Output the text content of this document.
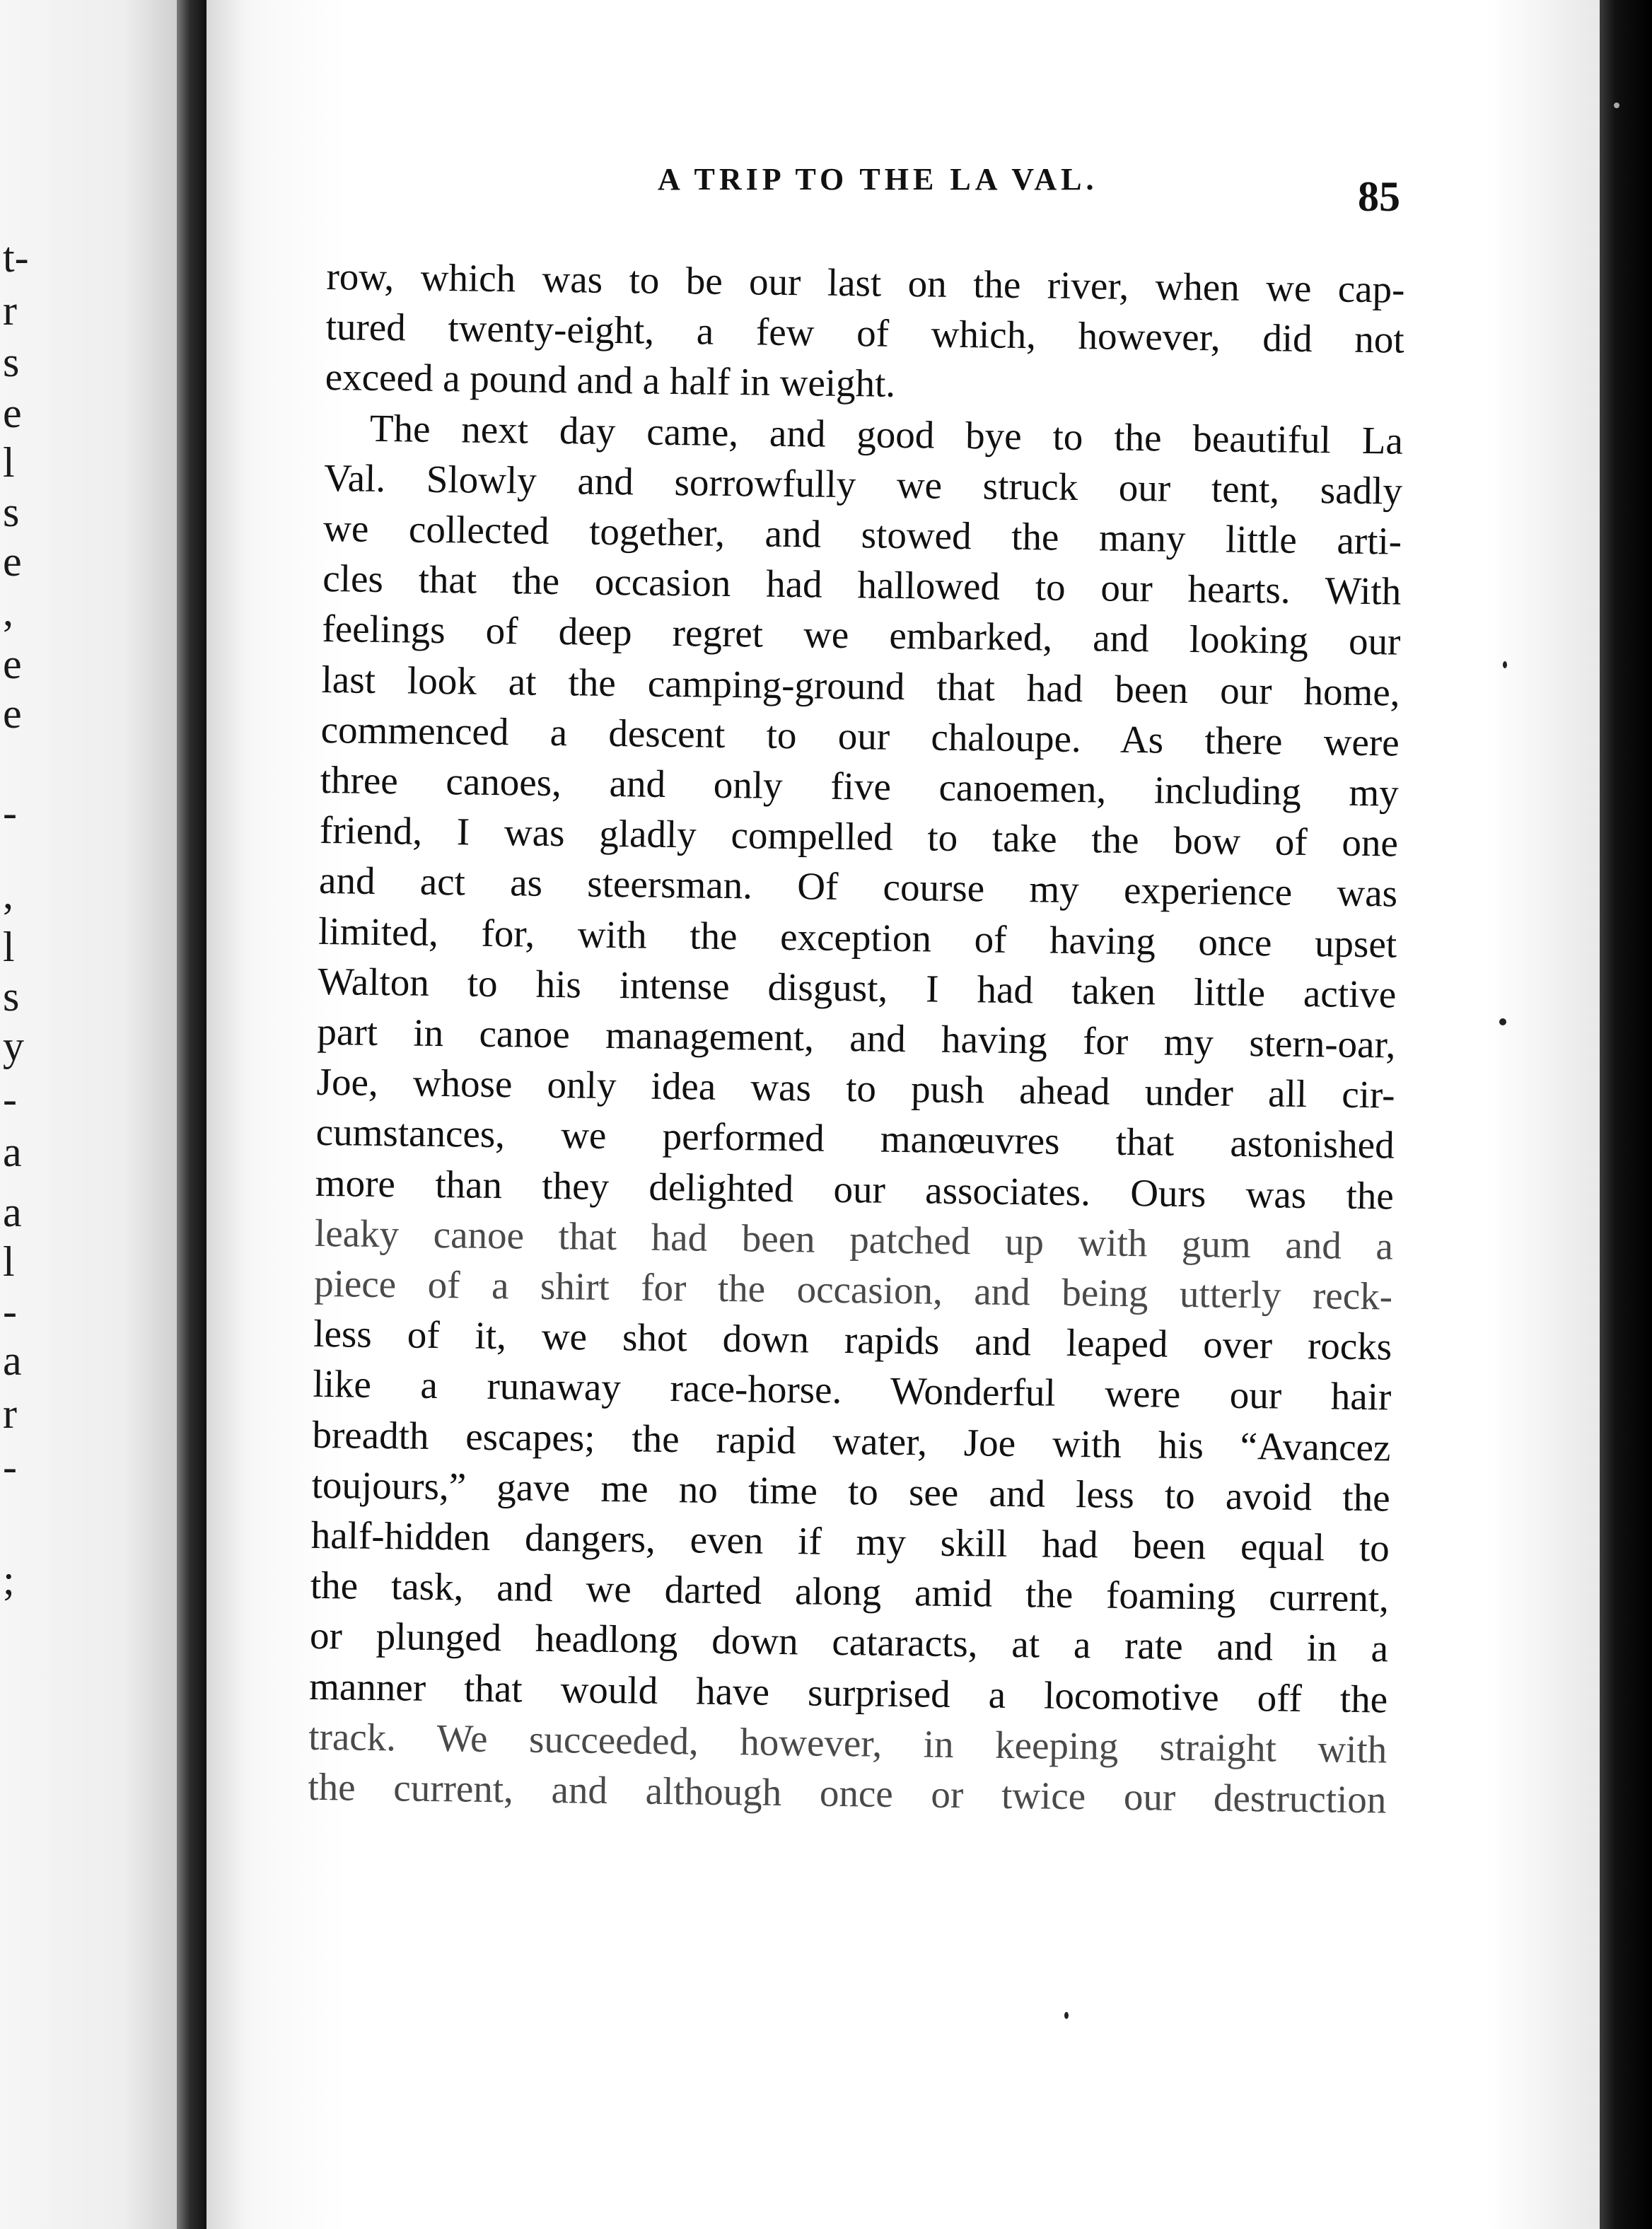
t-
r
s
e
l
s
e
,
e
e
-
,
l
s
y
-
a
a
l
-
a
r
-
;
A TRIP TO THE LA VAL.	85
row, which was to be our last on the river, when we cap-
tured twenty-eight, a few of which, however, did not
exceed a pound and a half in weight.
The next day came, and good bye to the beautiful La
Val. Slowly and sorrowfully we struck our tent, sadly
we collected together, and stowed the many little arti-
cles that the occasion had hallowed to our hearts. With
feelings of deep regret we embarked, and looking our
last look at the camping-ground that had been our home,
commenced a descent to our chaloupe. As there were
three canoes, and only five canoemen, including my
friend, I was gladly compelled to take the bow of one
and act as steersman. Of course my experience was
limited, for, with the exception of having once upset
Walton to his intense disgust, I had taken little active
part in canoe management, and having for my stern-oar,
Joe, whose only idea was to push ahead under all cir-
cumstances, we performed manœuvres that astonished
more than they delighted our associates. Ours was the
leaky canoe that had been patched up with gum and a
piece of a shirt for the occasion, and being utterly reck-
less of it, we shot down rapids and leaped over rocks
like a runaway race-horse. Wonderful were our hair
breadth escapes; the rapid water, Joe with his “Avancez
toujours,” gave me no time to see and less to avoid the
half-hidden dangers, even if my skill had been equal to
the task, and we darted along amid the foaming current,
or plunged headlong down cataracts, at a rate and in a
manner that would have surprised a locomotive off the
track. We succeeded, however, in keeping straight with
the current, and although once or twice our destruction
